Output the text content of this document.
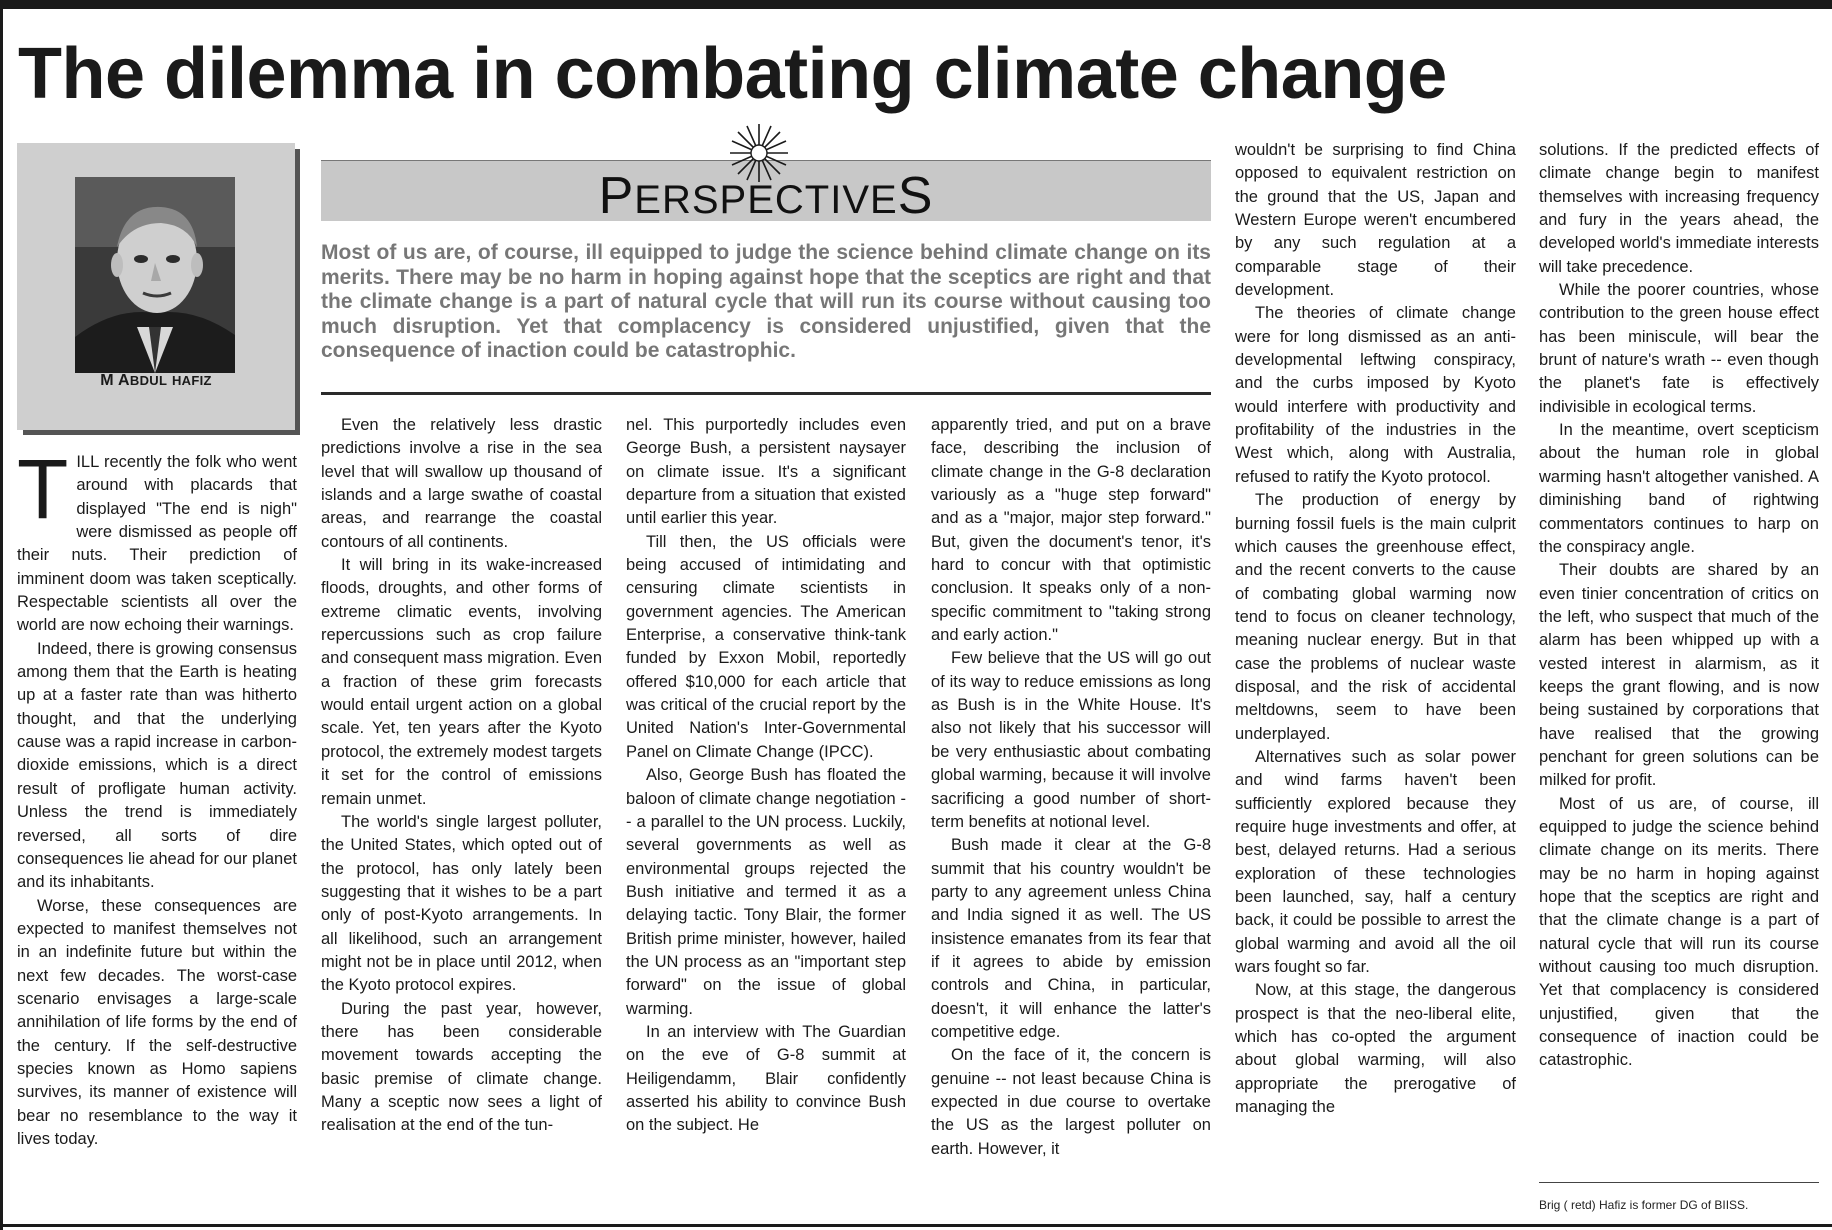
The dilemma in combating climate change
M ABDUL HAFIZ
PERSPECTIVES

Most of us are, of course, ill equipped to judge the science behind climate change on its merits. There may be no harm in hoping against hope that the sceptics are right and that the climate change is a part of natural cycle that will run its course without causing too much disruption. Yet that complacency is considered unjustified, given that the consequence of inaction could be catastrophic.

TILL recently the folk who went around with placards that displayed "The end is nigh" were dismissed as people off their nuts. Their prediction of imminent doom was taken sceptically. Respectable scientists all over the world are now echoing their warnings.

Indeed, there is growing consensus among them that the Earth is heating up at a faster rate than was hitherto thought, and that the underlying cause was a rapid increase in carbon-dioxide emissions, which is a direct result of profligate human activity. Unless the trend is immediately reversed, all sorts of dire consequences lie ahead for our planet and its inhabitants.

Worse, these consequences are expected to manifest themselves not in an indefinite future but within the next few decades. The worst-case scenario envisages a large-scale annihilation of life forms by the end of the century. If the self-destructive species known as Homo sapiens survives, its manner of existence will bear no resemblance to the way it lives today.

Even the relatively less drastic predictions involve a rise in the sea level that will swallow up thousand of islands and a large swathe of coastal areas, and rearrange the coastal contours of all continents.

It will bring in its wake-increased floods, droughts, and other forms of extreme climatic events, involving repercussions such as crop failure and consequent mass migration. Even a fraction of these grim forecasts would entail urgent action on a global scale. Yet, ten years after the Kyoto protocol, the extremely modest targets it set for the control of emissions remain unmet.

The world's single largest polluter, the United States, which opted out of the protocol, has only lately been suggesting that it wishes to be a part only of post-Kyoto arrangements. In all likelihood, such an arrangement might not be in place until 2012, when the Kyoto protocol expires.

During the past year, however, there has been considerable movement towards accepting the basic premise of climate change. Many a sceptic now sees a light of realisation at the end of the tun-

nel. This purportedly includes even George Bush, a persistent naysayer on climate issue. It's a significant departure from a situation that existed until earlier this year.

Till then, the US officials were being accused of intimidating and censuring climate scientists in government agencies. The American Enterprise, a conservative think-tank funded by Exxon Mobil, reportedly offered $10,000 for each article that was critical of the crucial report by the United Nation's Inter-Governmental Panel on Climate Change (IPCC).

Also, George Bush has floated the baloon of climate change negotiation -- a parallel to the UN process. Luckily, several governments as well as environmental groups rejected the Bush initiative and termed it as a delaying tactic. Tony Blair, the former British prime minister, however, hailed the UN process as an "important step forward" on the issue of global warming.

In an interview with The Guardian on the eve of G-8 summit at Heiligendamm, Blair confidently asserted his ability to convince Bush on the subject. He

apparently tried, and put on a brave face, describing the inclusion of climate change in the G-8 declaration variously as a "huge step forward" and as a "major, major step forward." But, given the document's tenor, it's hard to concur with that optimistic conclusion. It speaks only of a non-specific commitment to "taking strong and early action."

Few believe that the US will go out of its way to reduce emissions as long as Bush is in the White House. It's also not likely that his successor will be very enthusiastic about combating global warming, because it will involve sacrificing a good number of short-term benefits at notional level.

Bush made it clear at the G-8 summit that his country wouldn't be party to any agreement unless China and India signed it as well. The US insistence emanates from its fear that if it agrees to abide by emission controls and China, in particular, doesn't, it will enhance the latter's competitive edge.

On the face of it, the concern is genuine -- not least because China is expected in due course to overtake the US as the largest polluter on earth. However, it

wouldn't be surprising to find China opposed to equivalent restriction on the ground that the US, Japan and Western Europe weren't encumbered by any such regulation at a comparable stage of their development.

The theories of climate change were for long dismissed as an anti-developmental leftwing conspiracy, and the curbs imposed by Kyoto would interfere with productivity and profitability of the industries in the West which, along with Australia, refused to ratify the Kyoto protocol.

The production of energy by burning fossil fuels is the main culprit which causes the greenhouse effect, and the recent converts to the cause of combating global warming now tend to focus on cleaner technology, meaning nuclear energy. But in that case the problems of nuclear waste disposal, and the risk of accidental meltdowns, seem to have been underplayed.

Alternatives such as solar power and wind farms haven't been sufficiently explored because they require huge investments and offer, at best, delayed returns. Had a serious exploration of these technologies been launched, say, half a century back, it could be possible to arrest the global warming and avoid all the oil wars fought so far.

Now, at this stage, the dangerous prospect is that the neo-liberal elite, which has co-opted the argument about global warming, will also appropriate the prerogative of managing the

solutions. If the predicted effects of climate change begin to manifest themselves with increasing frequency and fury in the years ahead, the developed world's immediate interests will take precedence.

While the poorer countries, whose contribution to the green house effect has been miniscule, will bear the brunt of nature's wrath -- even though the planet's fate is effectively indivisible in ecological terms.

In the meantime, overt scepticism about the human role in global warming hasn't altogether vanished. A diminishing band of rightwing commentators continues to harp on the conspiracy angle.

Their doubts are shared by an even tinier concentration of critics on the left, who suspect that much of the alarm has been whipped up with a vested interest in alarmism, as it keeps the grant flowing, and is now being sustained by corporations that have realised that the growing penchant for green solutions can be milked for profit.

Most of us are, of course, ill equipped to judge the science behind climate change on its merits. There may be no harm in hoping against hope that the sceptics are right and that the climate change is a part of natural cycle that will run its course without causing too much disruption. Yet that complacency is considered unjustified, given that the consequence of inaction could be catastrophic.

Brig ( retd) Hafiz is former DG of BIISS.
